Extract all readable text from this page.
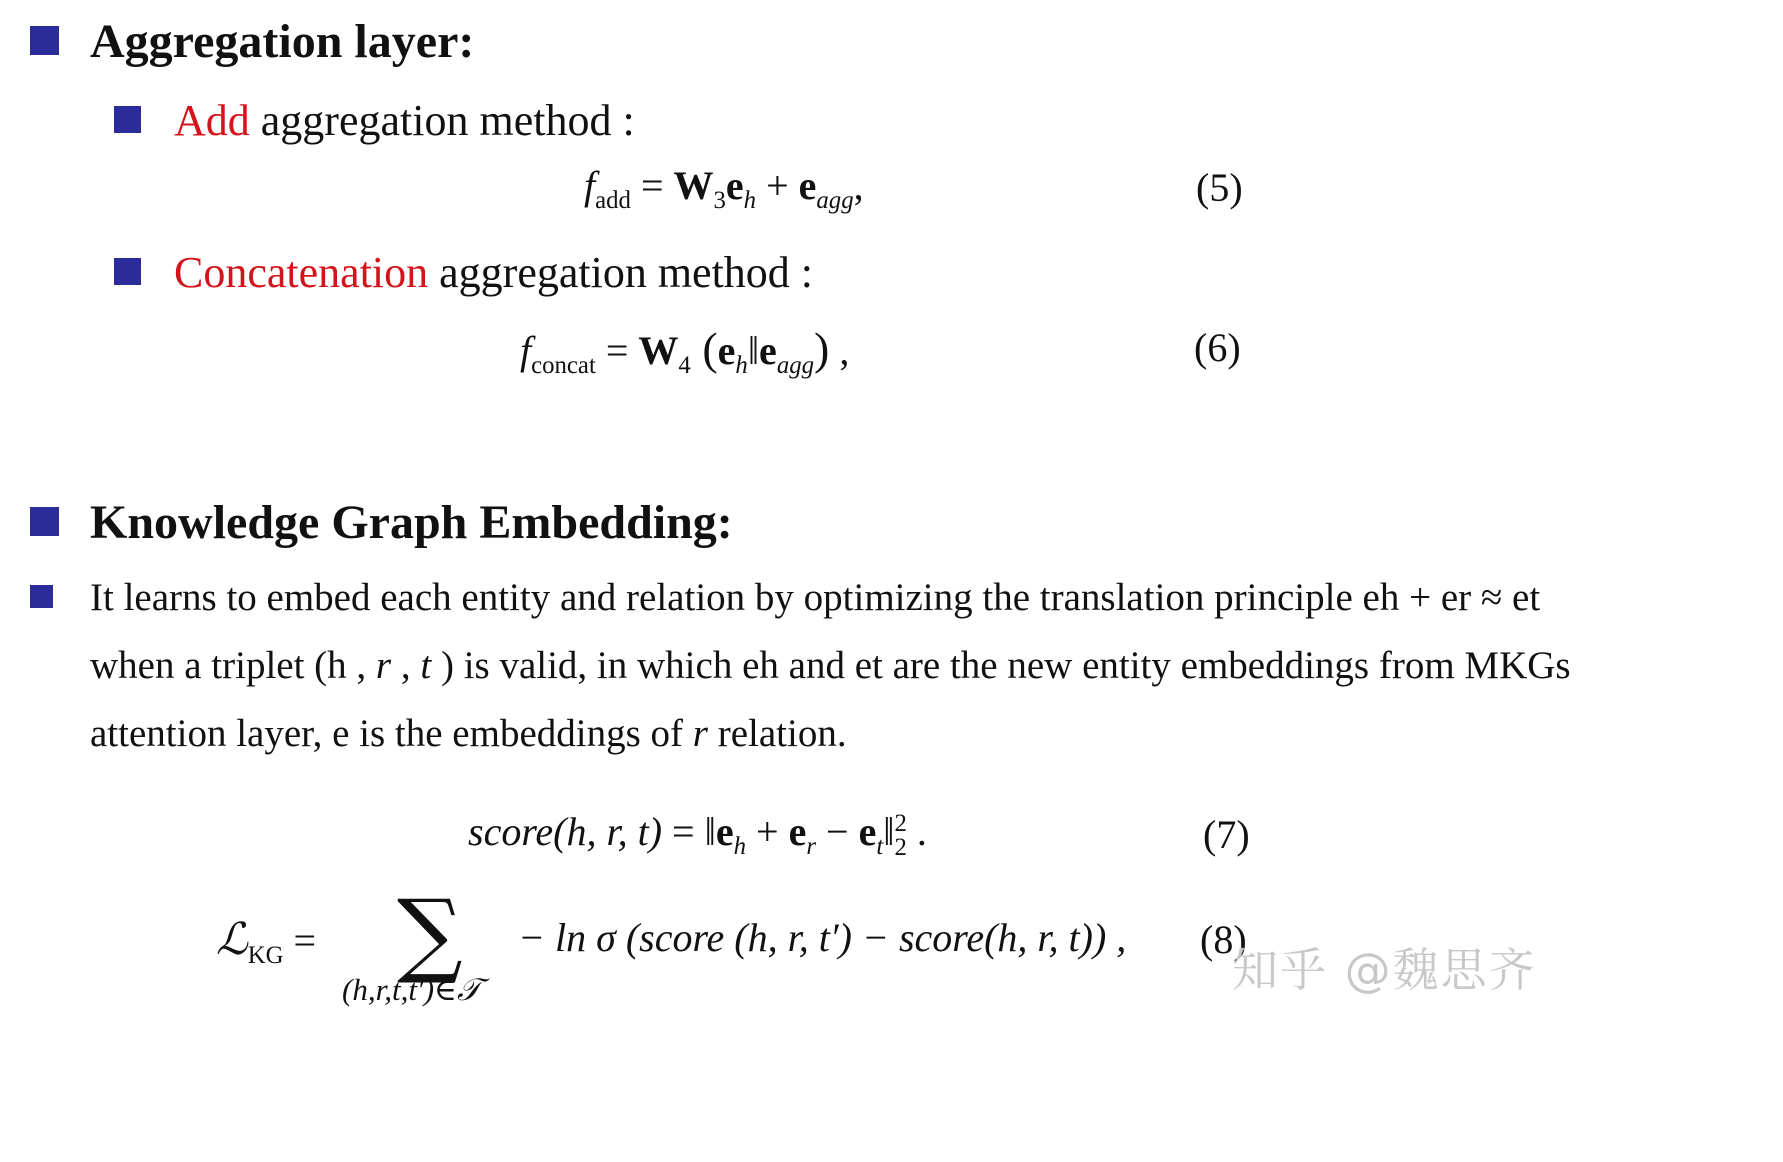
Aggregation layer:
Add aggregation method :
$f_{add} = W_3e_h + e_{agg}$,	(5)
Concatenation aggregation method :
$f_{concat} = W_4$ $(e_h‖e_{agg})$ ,	(6)
Knowledge Graph Embedding:
It learns to embed each entity and relation by optimizing the translation principle eh + er ≈ et
when a triplet (h , r , t ) is valid, in which eh and et are the new entity embeddings from MKGs
attention layer, e is the embeddings of r relation.
score(h, r, $t) = ‖e_h + e_r$ − $e_t‖$ 2
2 .	(7)
ℒ$_{KG}$ = ∑
(h,r,t,t′)∈𝒯
− ln σ (score (h, r, t′) − score(h, r, t)) , (8)
知乎 @魏思齐
